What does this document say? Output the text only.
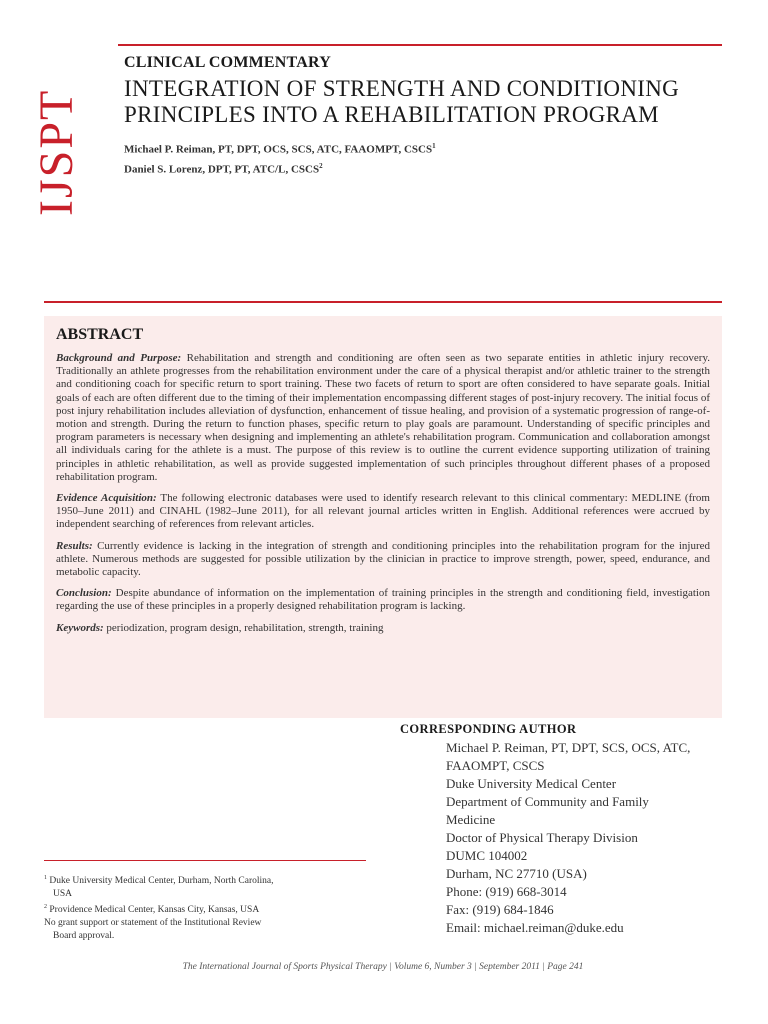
IJSPT

CLINICAL COMMENTARY

INTEGRATION OF STRENGTH AND CONDITIONING
PRINCIPLES INTO A REHABILITATION PROGRAM
Michael P. Reiman, PT, DPT, OCS, SCS, ATC, FAAOMPT, CSCS$^1$
Daniel S. Lorenz, DPT, PT, ATC/L, CSCS$^2$
ABSTRACT

Background and Purpose: Rehabilitation and strength and conditioning are often seen as two separate entities in athletic injury recovery. Traditionally an athlete progresses from the rehabilitation environment under the care of a physical therapist and/or athletic trainer to the strength and conditioning coach for specific return to sport training. These two facets of return to sport are often considered to have separate goals. Initial goals of each are often different due to the timing of their implementation encompassing different stages of post-injury recovery. The initial focus of post injury rehabilitation includes alleviation of dysfunction, enhancement of tissue healing, and provision of a systematic progression of range-of-motion and strength. During the return to function phases, specific return to play goals are paramount. Understanding of specific principles and program parameters is necessary when designing and implementing an athlete's rehabilitation program. Communication and collaboration amongst all individuals caring for the athlete is a must. The purpose of this review is to outline the current evidence supporting utilization of training principles in athletic rehabilitation, as well as provide suggested implementation of such principles throughout different phases of a proposed rehabilitation program.

Evidence Acquisition: The following electronic databases were used to identify research relevant to this clinical commentary: MEDLINE (from 1950–June 2011) and CINAHL (1982–June 2011), for all relevant journal articles written in English. Additional references were accrued by independent searching of references from relevant articles.

Results: Currently evidence is lacking in the integration of strength and conditioning principles into the rehabilitation program for the injured athlete. Numerous methods are suggested for possible utilization by the clinician in practice to improve strength, power, speed, endurance, and metabolic capacity.

Conclusion: Despite abundance of information on the implementation of training principles in the strength and conditioning field, investigation regarding the use of these principles in a properly designed rehabilitation program is lacking.

Keywords: periodization, program design, rehabilitation, strength, training

CORRESPONDING AUTHOR
Michael P. Reiman, PT, DPT, SCS, OCS, ATC,
FAAOMPT, CSCS
Duke University Medical Center
Department of Community and Family
Medicine
Doctor of Physical Therapy Division
DUMC 104002
Durham, NC 27710 (USA)
Phone: (919) 668-3014
Fax: (919) 684-1846
Email: michael.reiman@duke.edu
$^1$ Duke University Medical Center, Durham, North Carolina,
USA
$^2$ Providence Medical Center, Kansas City, Kansas, USA
No grant support or statement of the Institutional Review
Board approval.
The International Journal of Sports Physical Therapy | Volume 6, Number 3 | September 2011 | Page 241
